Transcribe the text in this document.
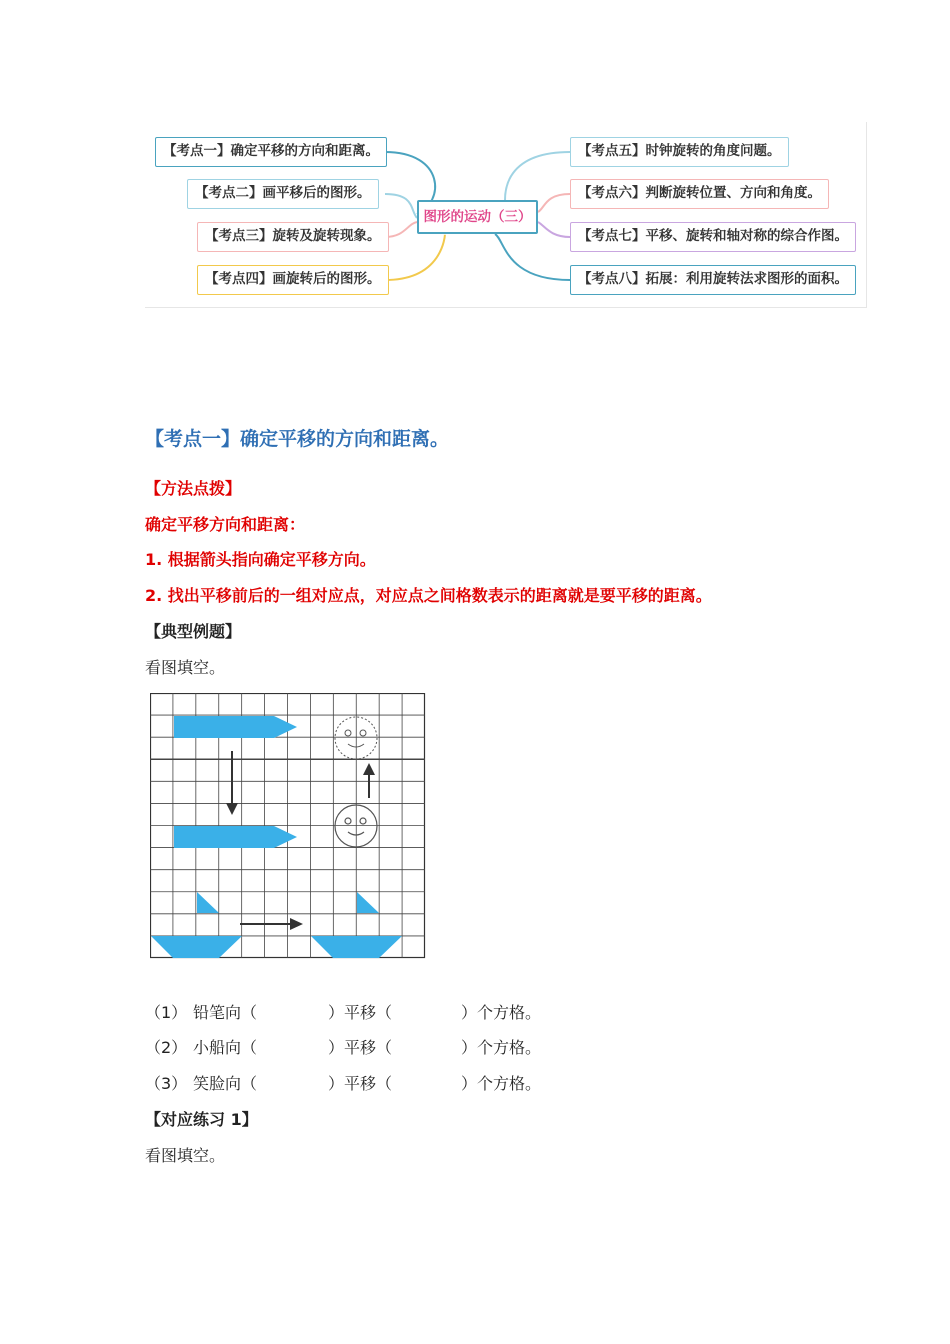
【考点一】确定平移的方向和距离。
【考点二】画平移后的图形。
【考点三】旋转及旋转现象。
【考点四】画旋转后的图形。
图形的运动（三）
【考点五】时钟旋转的角度问题。
【考点六】判断旋转位置、方向和角度。
【考点七】平移、旋转和轴对称的综合作图。
【考点八】拓展：利用旋转法求图形的面积。
【考点一】确定平移的方向和距离。
【方法点拨】
确定平移方向和距离：
1. 根据箭头指向确定平移方向。
2. 找出平移前后的一组对应点，对应点之间格数表示的距离就是要平移的距离。
【典型例题】
看图填空。
（1） 铅笔向（	）平移（	）个方格。
（2） 小船向（	）平移（	）个方格。
（3） 笑脸向（	）平移（	）个方格。
【对应练习 1】
看图填空。
